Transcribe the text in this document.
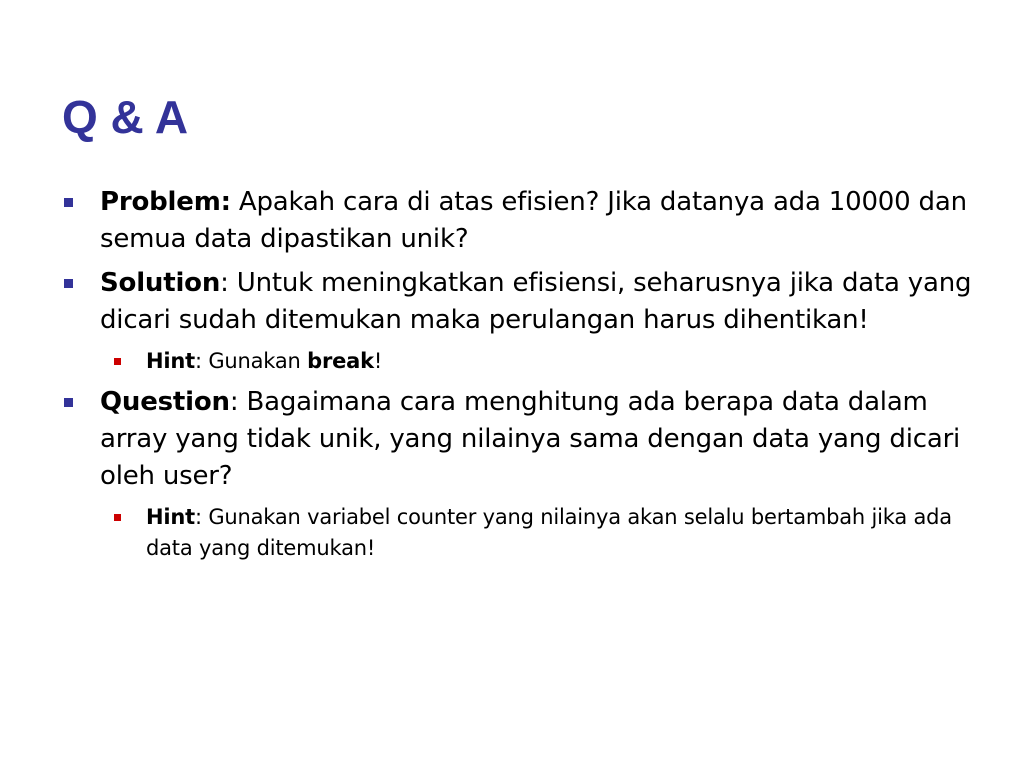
Q & A
Problem: Apakah cara di atas efisien? Jika datanya ada 10000 dan semua data dipastikan unik?
Solution: Untuk meningkatkan efisiensi, seharusnya jika data yang dicari sudah ditemukan maka perulangan harus dihentikan!
Hint: Gunakan break!
Question: Bagaimana cara menghitung ada berapa data dalam array yang tidak unik, yang nilainya sama dengan data yang dicari oleh user?
Hint: Gunakan variabel counter yang nilainya akan selalu bertambah jika ada data yang ditemukan!
